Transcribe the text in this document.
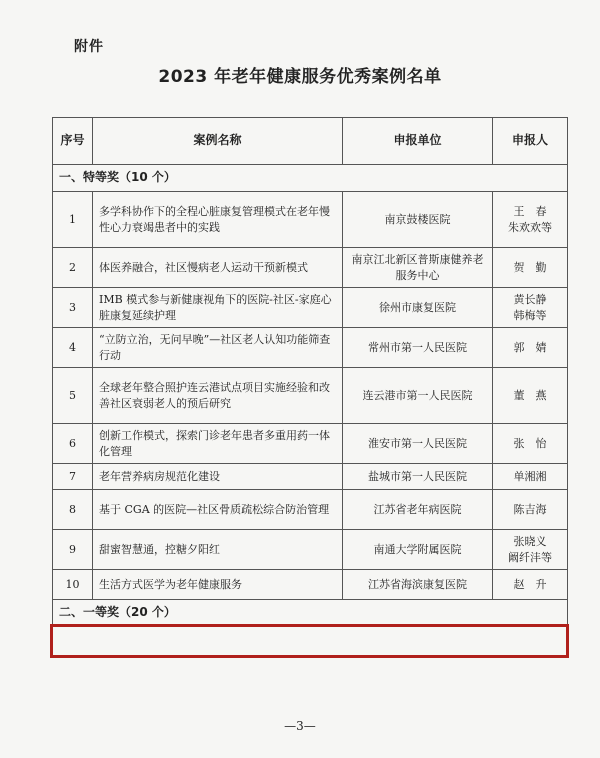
附件
2023 年老年健康服务优秀案例名单
序号	案例名称	申报单位	申报人
一、特等奖（10 个）			
1	多学科协作下的全程心脏康复管理模式在老年慢性心力衰竭患者中的实践	南京鼓楼医院	王　春
朱欢欢等
2	体医养融合，社区慢病老人运动干预新模式	南京江北新区普斯康健养老服务中心	贺　勤
3	IMB 模式参与新健康视角下的医院-社区-家庭心脏康复延续护理	徐州市康复医院	黄长静
韩梅等
4	“立防立治，无问早晚”—社区老人认知功能筛查行动	常州市第一人民医院	郭　婧
5	全球老年整合照护连云港试点项目实施经验和改善社区衰弱老人的预后研究	连云港市第一人民医院	董　燕
6	创新工作模式，探索门诊老年患者多重用药一体化管理	淮安市第一人民医院	张　怡
7	老年营养病房规范化建设	盐城市第一人民医院	单湘湘
8	基于 CGA 的医院—社区骨质疏松综合防治管理	江苏省老年病医院	陈吉海
9	甜蜜智慧通，控糖夕阳红	南通大学附属医院	张晓义
阚纤沣等
10	生活方式医学为老年健康服务	江苏省海滨康复医院	赵　升
二、一等奖（20 个）			
—3—
